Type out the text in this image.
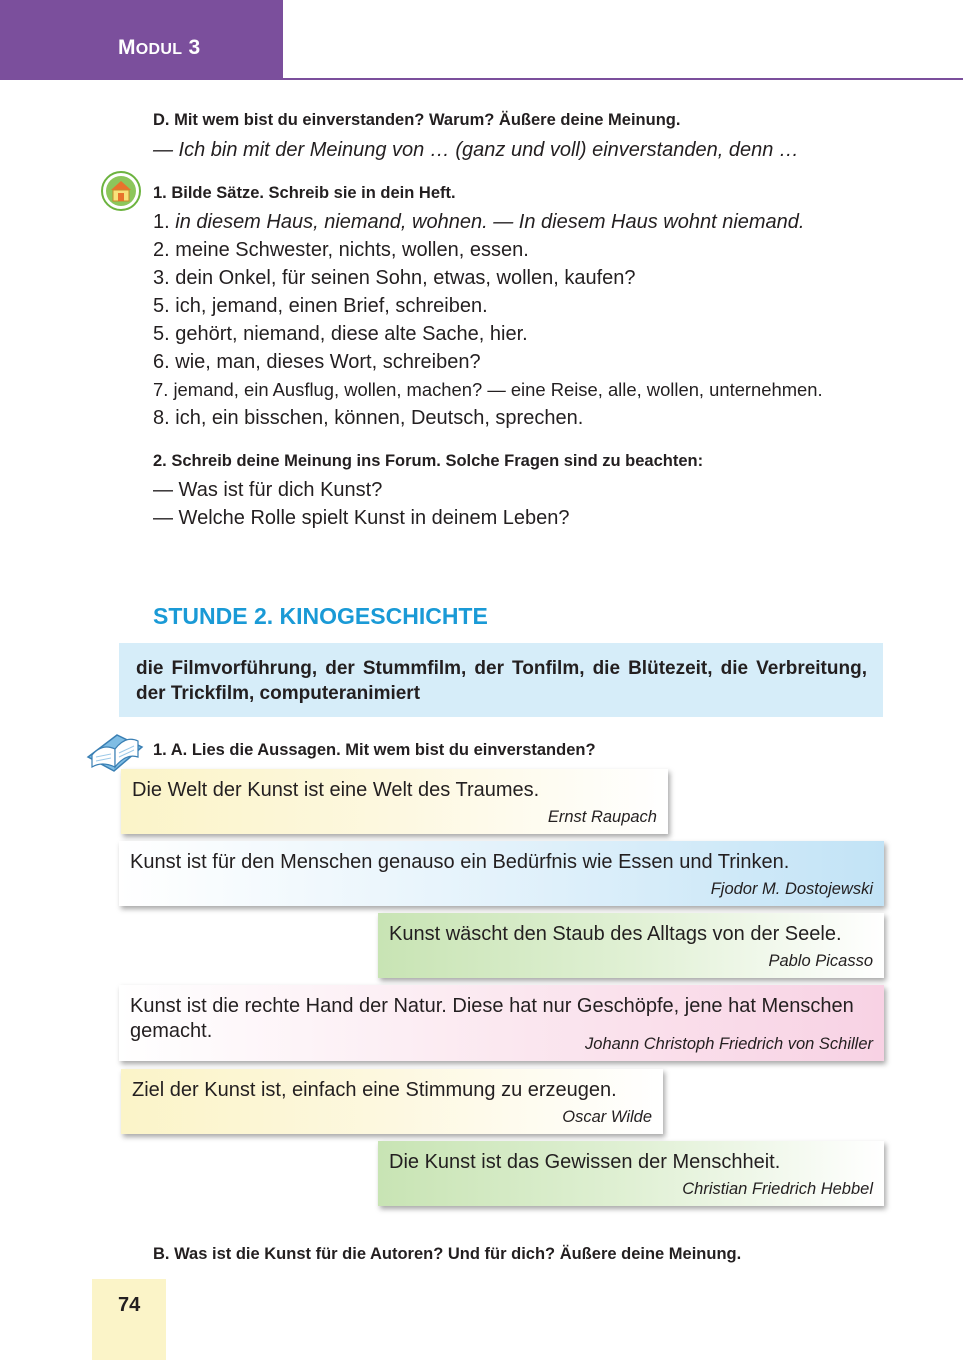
MODUL 3
D. Mit wem bist du einverstanden? Warum? Äußere deine Meinung.
— Ich bin mit der Meinung von … (ganz und voll) einverstanden, denn …
1. Bilde Sätze. Schreib sie in dein Heft.
1. in diesem Haus, niemand, wohnen. — In diesem Haus wohnt niemand.
2. meine Schwester, nichts, wollen, essen.
3. dein Onkel, für seinen Sohn, etwas, wollen, kaufen?
5. ich, jemand, einen Brief, schreiben.
5. gehört, niemand, diese alte Sache, hier.
6. wie, man, dieses Wort, schreiben?
7. jemand, ein Ausflug, wollen, machen? — eine Reise, alle, wollen, unternehmen.
8. ich, ein bisschen, können, Deutsch, sprechen.
2. Schreib deine Meinung ins Forum. Solche Fragen sind zu beachten:
— Was ist für dich Kunst?
— Welche Rolle spielt Kunst in deinem Leben?
STUNDE 2. KINOGESCHICHTE
die Filmvorführung, der Stummfilm, der Tonfilm, die Blütezeit, die Verbreitung, der Trickfilm, computeranimiert
1. A. Lies die Aussagen. Mit wem bist du einverstanden?
Die Welt der Kunst ist eine Welt des Traumes.
Ernst Raupach
Kunst ist für den Menschen genauso ein Bedürfnis wie Essen und Trinken.
Fjodor M. Dostojewski
Kunst wäscht den Staub des Alltags von der Seele.
Pablo Picasso
Kunst ist die rechte Hand der Natur. Diese hat nur Geschöpfe, jene hat Menschen gemacht.
Johann Christoph Friedrich von Schiller
Ziel der Kunst ist, einfach eine Stimmung zu erzeugen.
Oscar Wilde
Die Kunst ist das Gewissen der Menschheit.
Christian Friedrich Hebbel
B. Was ist die Kunst für die Autoren? Und für dich? Äußere deine Meinung.
74
